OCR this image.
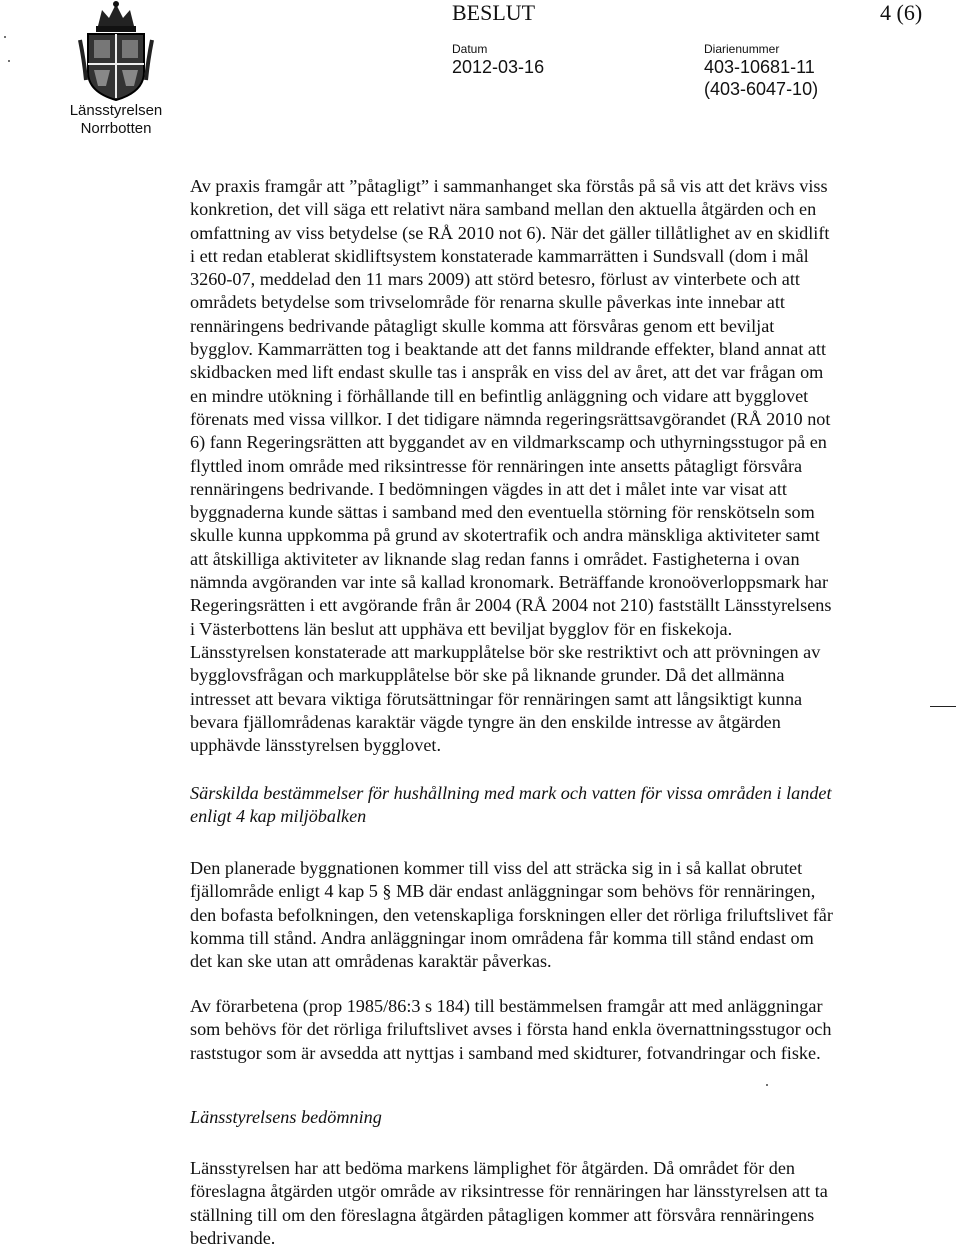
Länsstyrelsen
Norrbotten
BESLUT	4 (6)
Datum
2012-03-16
Diarienummer
403-10681-11
(403-6047-10)

Av praxis framgår att ”påtagligt” i sammanhanget ska förstås på så vis att det krävs viss
konkretion, det vill säga ett relativt nära samband mellan den aktuella åtgärden och en
omfattning av viss betydelse (se RÅ 2010 not 6). När det gäller tillåtlighet av en skidlift
i ett redan etablerat skidliftsystem konstaterade kammarrätten i Sundsvall (dom i mål
3260-07, meddelad den 11 mars 2009) att störd betesro, förlust av vinterbete och att
områdets betydelse som trivselområde för renarna skulle påverkas inte innebar att
rennäringens bedrivande påtagligt skulle komma att försvåras genom ett beviljat
bygglov. Kammarrätten tog i beaktande att det fanns mildrande effekter, bland annat att
skidbacken med lift endast skulle tas i anspråk en viss del av året, att det var frågan om
en mindre utökning i förhållande till en befintlig anläggning och vidare att bygglovet
förenats med vissa villkor. I det tidigare nämnda regeringsrättsavgörandet (RÅ 2010 not
6) fann Regeringsrätten att byggandet av en vildmarkscamp och uthyrningsstugor på en
flyttled inom område med riksintresse för rennäringen inte ansetts påtagligt försvåra
rennäringens bedrivande. I bedömningen vägdes in att det i målet inte var visat att
byggnaderna kunde sättas i samband med den eventuella störning för renskötseln som
skulle kunna uppkomma på grund av skotertrafik och andra mänskliga aktiviteter samt
att åtskilliga aktiviteter av liknande slag redan fanns i området. Fastigheterna i ovan
nämnda avgöranden var inte så kallad kronomark. Beträffande kronoöverloppsmark har
Regeringsrätten i ett avgörande från år 2004 (RÅ 2004 not 210) fastställt Länsstyrelsens
i Västerbottens län beslut att upphäva ett beviljat bygglov för en fiskekoja.
Länsstyrelsen konstaterade att markupplåtelse bör ske restriktivt och att prövningen av
bygglovsfrågan och markupplåtelse bör ske på liknande grunder. Då det allmänna
intresset att bevara viktiga förutsättningar för rennäringen samt att långsiktigt kunna
bevara fjällområdenas karaktär vägde tyngre än den enskilde intresse av åtgärden
upphävde länsstyrelsen bygglovet.

Särskilda bestämmelser för hushållning med mark och vatten för vissa områden i landet
enligt 4 kap miljöbalken

Den planerade byggnationen kommer till viss del att sträcka sig in i så kallat obrutet
fjällområde enligt 4 kap 5 § MB där endast anläggningar som behövs för rennäringen,
den bofasta befolkningen, den vetenskapliga forskningen eller det rörliga friluftslivet får
komma till stånd. Andra anläggningar inom områdena får komma till stånd endast om
det kan ske utan att områdenas karaktär påverkas.

Av förarbetena (prop 1985/86:3 s 184) till bestämmelsen framgår att med anläggningar
som behövs för det rörliga friluftslivet avses i första hand enkla övernattningsstugor och
raststugor som är avsedda att nyttjas i samband med skidturer, fotvandringar och fiske.

Länsstyrelsens bedömning

Länsstyrelsen har att bedöma markens lämplighet för åtgärden. Då området för den
föreslagna åtgärden utgör område av riksintresse för rennäringen har länsstyrelsen att ta
ställning till om den föreslagna åtgärden påtagligen kommer att försvåra rennäringens
bedrivande.
